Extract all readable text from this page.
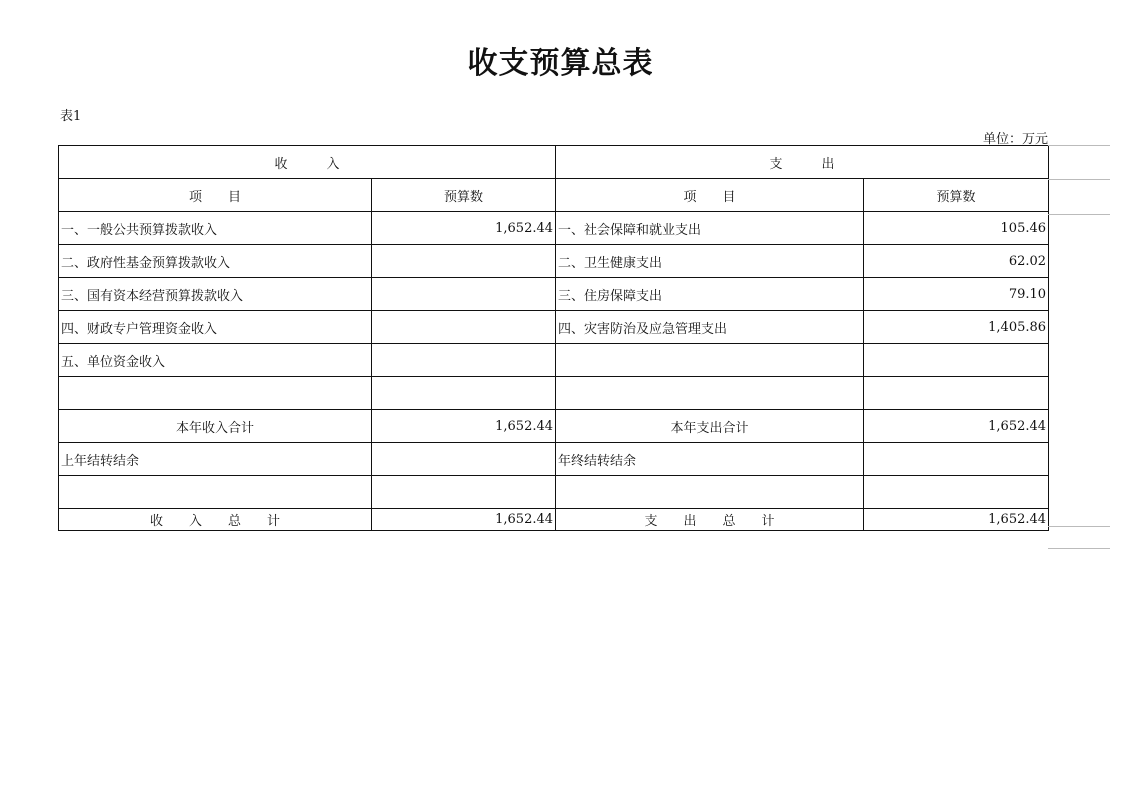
收支预算总表
表1
单位：万元
收　　　入		支　　　出	
项　　目	预算数	项　　目	预算数
一、一般公共预算拨款收入	1,652.44	一、社会保障和就业支出	105.46
二、政府性基金预算拨款收入		二、卫生健康支出	62.02
三、国有资本经营预算拨款收入		三、住房保障支出	79.10
四、财政专户管理资金收入		四、灾害防治及应急管理支出	1,405.86
五、单位资金收入			

本年收入合计	1,652.44	本年支出合计	1,652.44
上年结转结余		年终结转结余	

收　　入　　总　　计	1,652.44	支　　出　　总　　计	1,652.44
